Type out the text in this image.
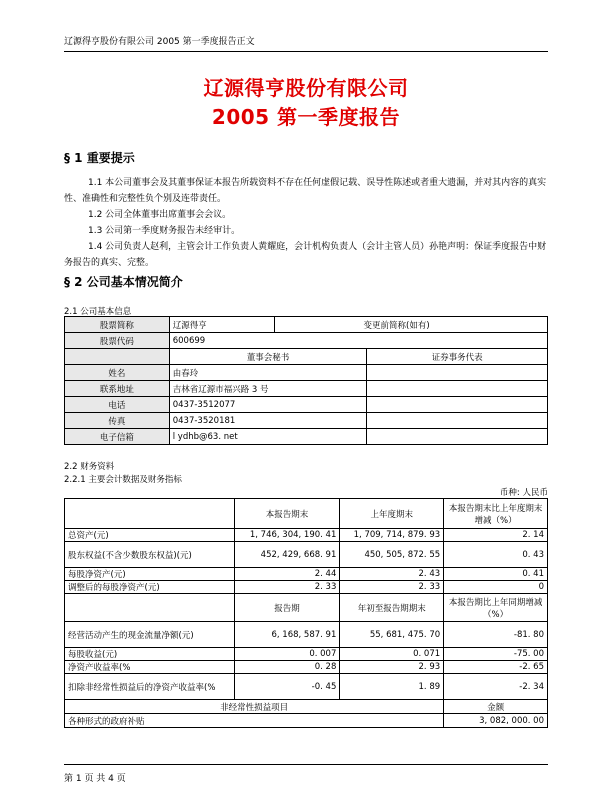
辽源得亨股份有限公司 2005 第一季度报告正文
辽源得亨股份有限公司
2005 第一季度报告
§ 1 重要提示

1.1 本公司董事会及其董事保证本报告所载资料不存在任何虚假记载、误导性陈述或者重大遗漏，并对其内容的真实性、准确性和完整性负个别及连带责任。

1.2 公司全体董事出席董事会会议。

1.3 公司第一季度财务报告未经审计。

1.4 公司负责人赵利，主管会计工作负责人黄耀庭，会计机构负责人（会计主管人员）孙艳声明：保证季度报告中财务报告的真实、完整。

§ 2 公司基本情况简介
2.1 公司基本信息
股票简称	辽源得亨	变更前简称(如有)	
股票代码	600699		
	董事会秘书		证券事务代表
姓名	由春玲		
联系地址	吉林省辽源市福兴路 3 号		
电话	0437-3512077		
传真	0437-3520181		
电子信箱	l ydhb@63. net		
2.2 财务资料
2.2.1 主要会计数据及财务指标
币种: 人民币
	本报告期末	上年度期末	本报告期末比上年度期末增减（%）
总资产(元)	1, 746, 304, 190. 41	1, 709, 714, 879. 93	2. 14
股东权益(不含少数股东权益)(元)	452, 429, 668. 91	450, 505, 872. 55	0. 43
每股净资产(元)	2. 44	2. 43	0. 41
调整后的每股净资产(元)	2. 33	2. 33	0
	报告期	年初至报告期期末	本报告期比上年同期增减（%）
经营活动产生的现金流量净额(元)	6, 168, 587. 91	55, 681, 475. 70	-81. 80
每股收益(元)	0. 007	0. 071	-75. 00
净资产收益率(%	0. 28	2. 93	-2. 65
扣除非经常性损益后的净资产收益率(%	-0. 45	1. 89	-2. 34
非经常性损益项目			金额
各种形式的政府补贴			3, 082, 000. 00
第 1 页 共 4 页
